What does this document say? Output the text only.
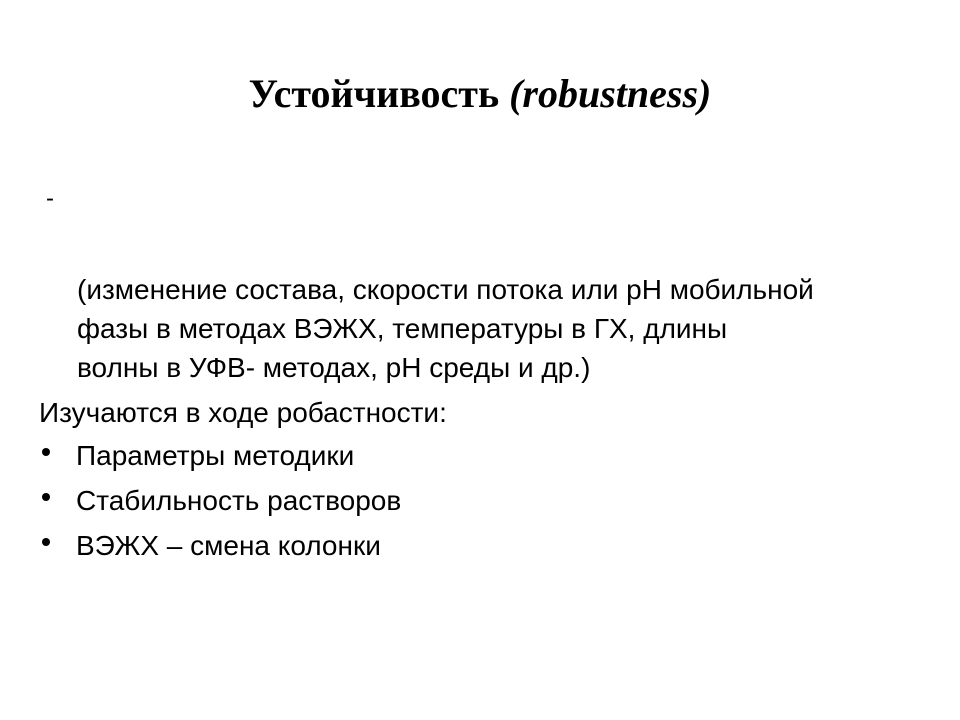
Устойчивость (robustness)
-

(изменение состава, скорости потока или рН мобильной
фазы в методах ВЭЖХ, температуры в ГХ, длины
волны в УФВ- методах, рН среды и др.)

Изучаются в ходе робастности:
Параметры методики
Стабильность растворов
ВЭЖХ – смена колонки
